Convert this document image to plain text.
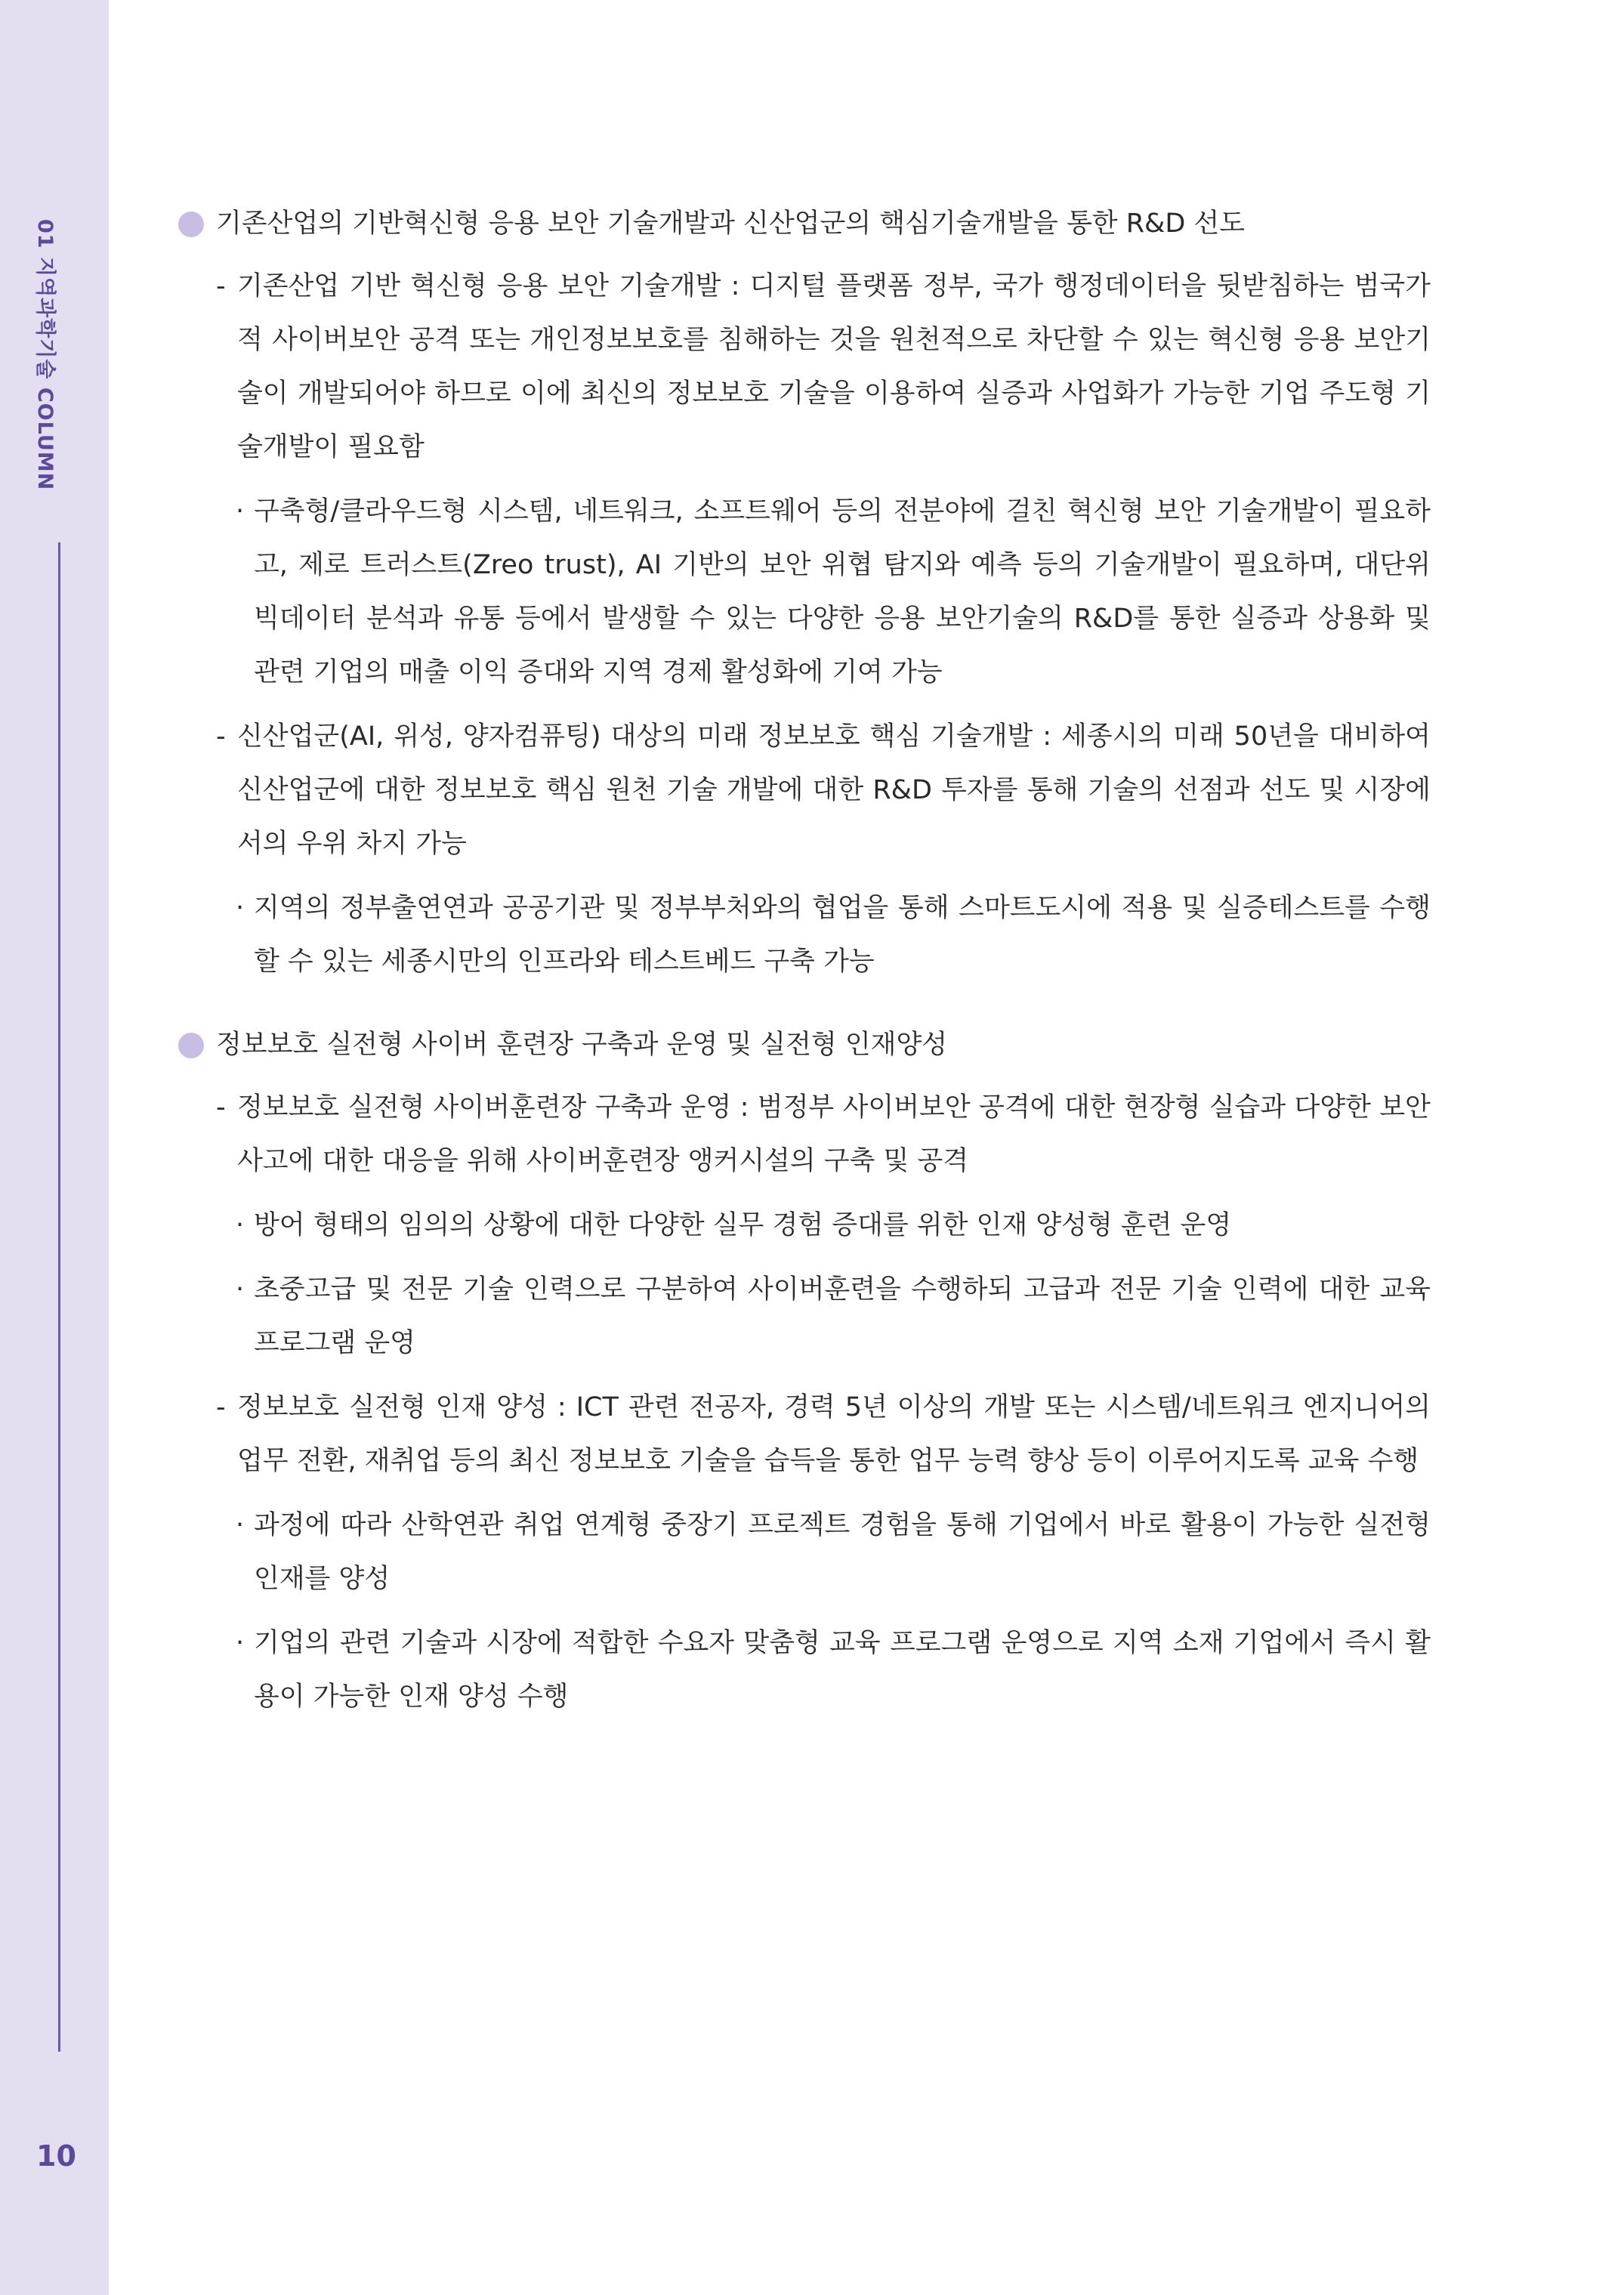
01 지역과학기술 COLUMN
10
기존산업의 기반혁신형 응용 보안 기술개발과 신산업군의 핵심기술개발을 통한 R&D 선도
- 기존산업 기반 혁신형 응용 보안 기술개발 : 디지털 플랫폼 정부, 국가 행정데이터을 뒷받침하는 범국가적 사이버보안 공격 또는 개인정보보호를 침해하는 것을 원천적으로 차단할 수 있는 혁신형 응용 보안기술이 개발되어야 하므로 이에 최신의 정보보호 기술을 이용하여 실증과 사업화가 가능한 기업 주도형 기술개발이 필요함
· 구축형/클라우드형 시스템, 네트워크, 소프트웨어 등의 전분야에 걸친 혁신형 보안 기술개발이 필요하고, 제로 트러스트(Zreo trust), AI 기반의 보안 위협 탐지와 예측 등의 기술개발이 필요하며, 대단위 빅데이터 분석과 유통 등에서 발생할 수 있는 다양한 응용 보안기술의 R&D를 통한 실증과 상용화 및 관련 기업의 매출 이익 증대와 지역 경제 활성화에 기여 가능
- 신산업군(AI, 위성, 양자컴퓨팅) 대상의 미래 정보보호 핵심 기술개발 : 세종시의 미래 50년을 대비하여 신산업군에 대한 정보보호 핵심 원천 기술 개발에 대한 R&D 투자를 통해 기술의 선점과 선도 및 시장에서의 우위 차지 가능
· 지역의 정부출연연과 공공기관 및 정부부처와의 협업을 통해 스마트도시에 적용 및 실증테스트를 수행할 수 있는 세종시만의 인프라와 테스트베드 구축 가능
정보보호 실전형 사이버 훈련장 구축과 운영 및 실전형 인재양성
- 정보보호 실전형 사이버훈련장 구축과 운영 : 범정부 사이버보안 공격에 대한 현장형 실습과 다양한 보안사고에 대한 대응을 위해 사이버훈련장 앵커시설의 구축 및 공격
· 방어 형태의 임의의 상황에 대한 다양한 실무 경험 증대를 위한 인재 양성형 훈련 운영
· 초중고급 및 전문 기술 인력으로 구분하여 사이버훈련을 수행하되 고급과 전문 기술 인력에 대한 교육 프로그램 운영
- 정보보호 실전형 인재 양성 : ICT 관련 전공자, 경력 5년 이상의 개발 또는 시스템/네트워크 엔지니어의 업무 전환, 재취업 등의 최신 정보보호 기술을 습득을 통한 업무 능력 향상 등이 이루어지도록 교육 수행
· 과정에 따라 산학연관 취업 연계형 중장기 프로젝트 경험을 통해 기업에서 바로 활용이 가능한 실전형 인재를 양성
· 기업의 관련 기술과 시장에 적합한 수요자 맞춤형 교육 프로그램 운영으로 지역 소재 기업에서 즉시 활용이 가능한 인재 양성 수행
